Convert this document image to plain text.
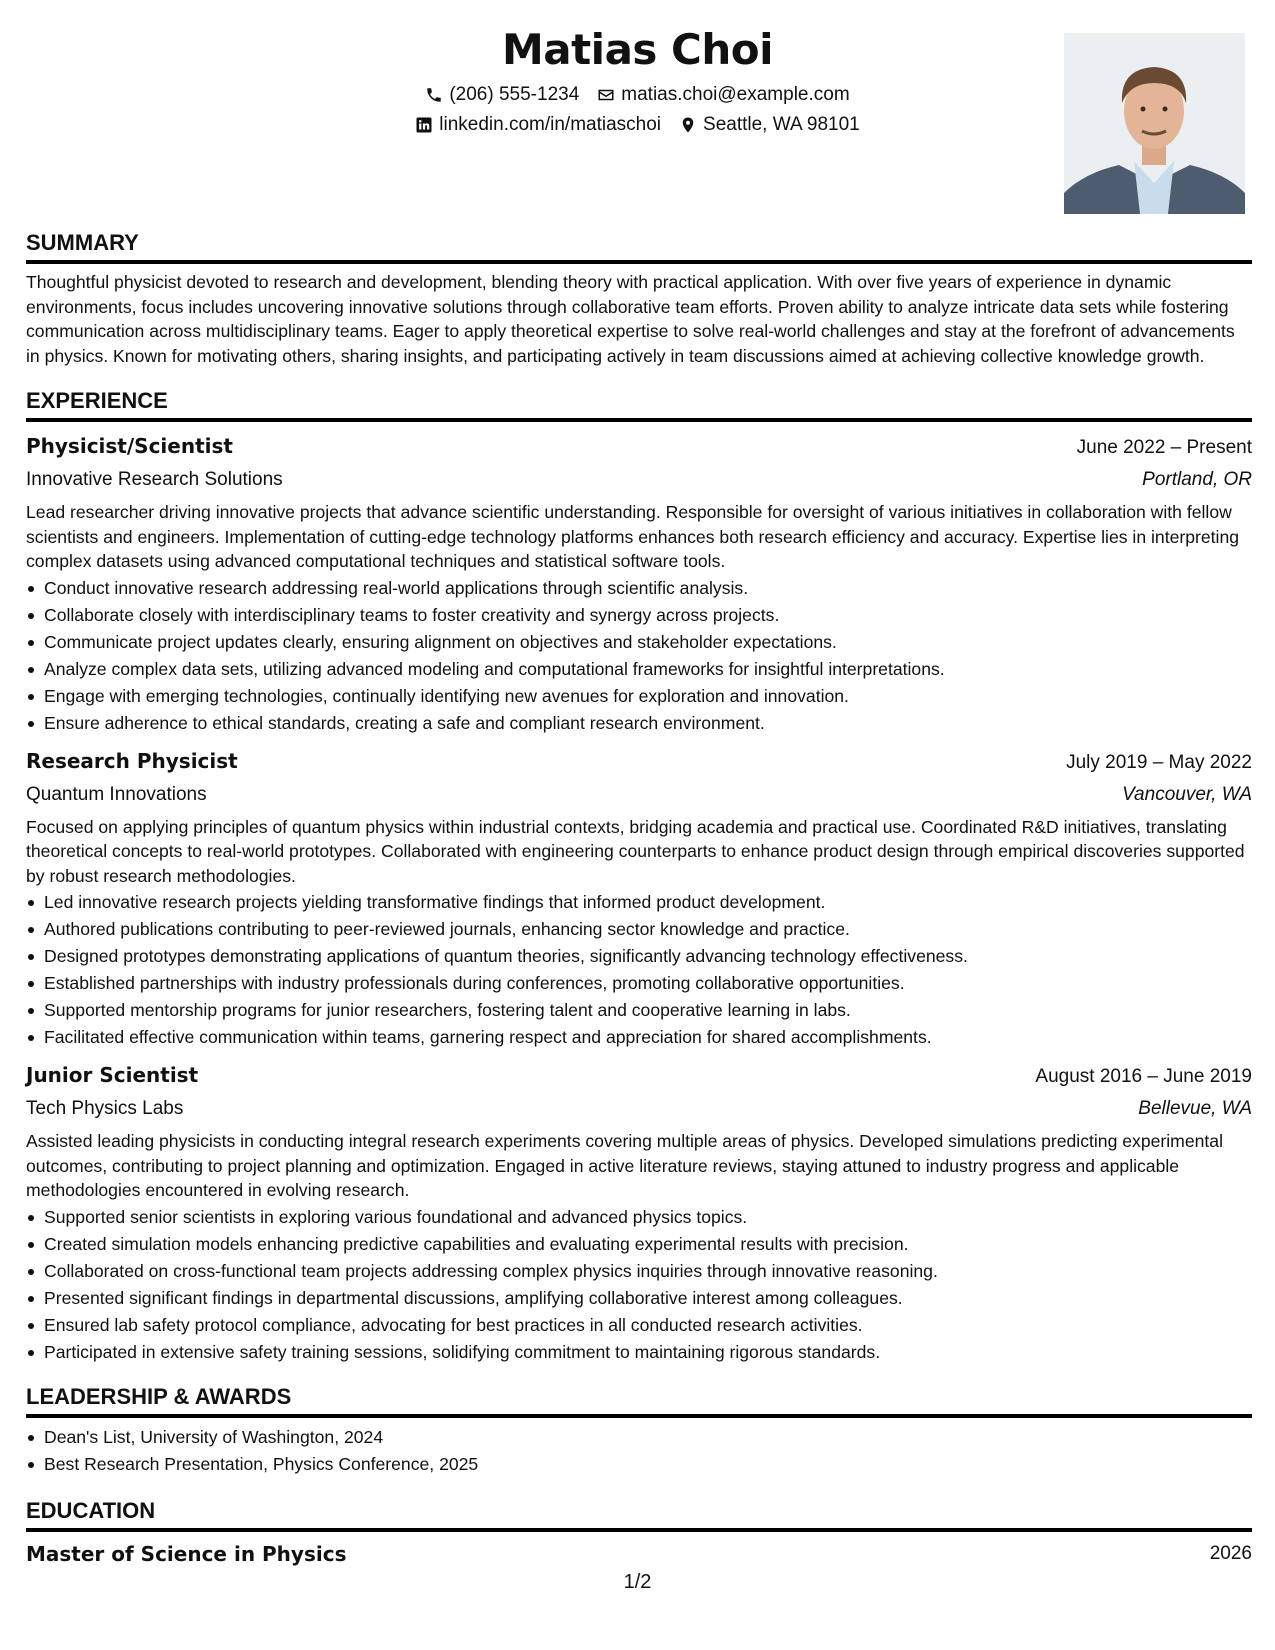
Matias Choi
(206) 555-1234 matias.choi@example.com
linkedin.com/in/matiaschoi Seattle, WA 98101
SUMMARY
Thoughtful physicist devoted to research and development, blending theory with practical application. With over five years of experience in dynamic environments, focus includes uncovering innovative solutions through collaborative team efforts. Proven ability to analyze intricate data sets while fostering communication across multidisciplinary teams. Eager to apply theoretical expertise to solve real-world challenges and stay at the forefront of advancements in physics. Known for motivating others, sharing insights, and participating actively in team discussions aimed at achieving collective knowledge growth.
EXPERIENCE
Physicist/Scientist	June 2022 – Present
Innovative Research Solutions	Portland, OR
Lead researcher driving innovative projects that advance scientific understanding. Responsible for oversight of various initiatives in collaboration with fellow scientists and engineers. Implementation of cutting-edge technology platforms enhances both research efficiency and accuracy. Expertise lies in interpreting complex datasets using advanced computational techniques and statistical software tools.
Conduct innovative research addressing real-world applications through scientific analysis.
Collaborate closely with interdisciplinary teams to foster creativity and synergy across projects.
Communicate project updates clearly, ensuring alignment on objectives and stakeholder expectations.
Analyze complex data sets, utilizing advanced modeling and computational frameworks for insightful interpretations.
Engage with emerging technologies, continually identifying new avenues for exploration and innovation.
Ensure adherence to ethical standards, creating a safe and compliant research environment.
Research Physicist	July 2019 – May 2022
Quantum Innovations	Vancouver, WA
Focused on applying principles of quantum physics within industrial contexts, bridging academia and practical use. Coordinated R&D initiatives, translating theoretical concepts to real-world prototypes. Collaborated with engineering counterparts to enhance product design through empirical discoveries supported by robust research methodologies.
Led innovative research projects yielding transformative findings that informed product development.
Authored publications contributing to peer-reviewed journals, enhancing sector knowledge and practice.
Designed prototypes demonstrating applications of quantum theories, significantly advancing technology effectiveness.
Established partnerships with industry professionals during conferences, promoting collaborative opportunities.
Supported mentorship programs for junior researchers, fostering talent and cooperative learning in labs.
Facilitated effective communication within teams, garnering respect and appreciation for shared accomplishments.
Junior Scientist	August 2016 – June 2019
Tech Physics Labs	Bellevue, WA
Assisted leading physicists in conducting integral research experiments covering multiple areas of physics. Developed simulations predicting experimental outcomes, contributing to project planning and optimization. Engaged in active literature reviews, staying attuned to industry progress and applicable methodologies encountered in evolving research.
Supported senior scientists in exploring various foundational and advanced physics topics.
Created simulation models enhancing predictive capabilities and evaluating experimental results with precision.
Collaborated on cross-functional team projects addressing complex physics inquiries through innovative reasoning.
Presented significant findings in departmental discussions, amplifying collaborative interest among colleagues.
Ensured lab safety protocol compliance, advocating for best practices in all conducted research activities.
Participated in extensive safety training sessions, solidifying commitment to maintaining rigorous standards.
LEADERSHIP & AWARDS
Dean's List, University of Washington, 2024
Best Research Presentation, Physics Conference, 2025
EDUCATION
Master of Science in Physics	2026
1/2
